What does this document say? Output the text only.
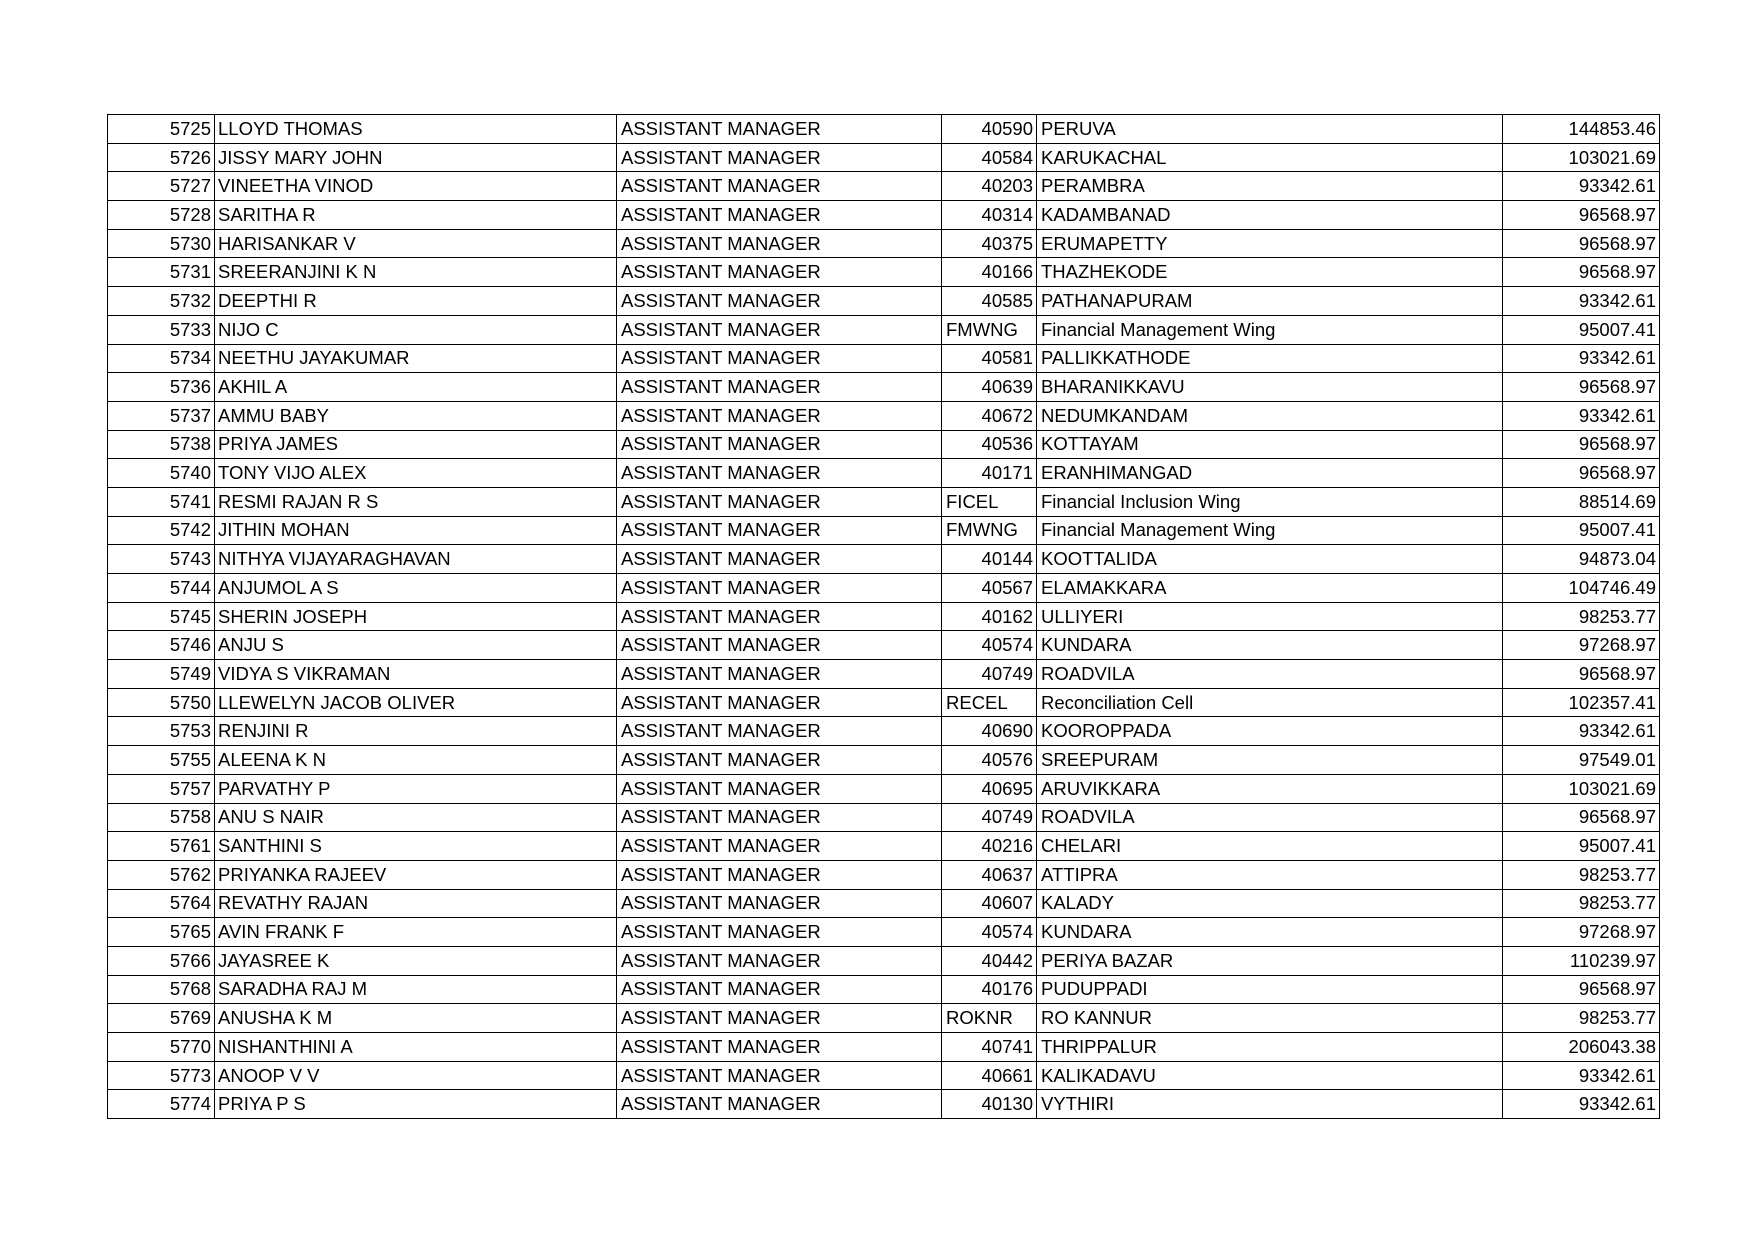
5725	LLOYD THOMAS	ASSISTANT MANAGER	40590	PERUVA	144853.46
5726	JISSY MARY JOHN	ASSISTANT MANAGER	40584	KARUKACHAL	103021.69
5727	VINEETHA VINOD	ASSISTANT MANAGER	40203	PERAMBRA	93342.61
5728	SARITHA R	ASSISTANT MANAGER	40314	KADAMBANAD	96568.97
5730	HARISANKAR V	ASSISTANT MANAGER	40375	ERUMAPETTY	96568.97
5731	SREERANJINI K N	ASSISTANT MANAGER	40166	THAZHEKODE	96568.97
5732	DEEPTHI R	ASSISTANT MANAGER	40585	PATHANAPURAM	93342.61
5733	NIJO C	ASSISTANT MANAGER	FMWNG	Financial Management Wing	95007.41
5734	NEETHU JAYAKUMAR	ASSISTANT MANAGER	40581	PALLIKKATHODE	93342.61
5736	AKHIL A	ASSISTANT MANAGER	40639	BHARANIKKAVU	96568.97
5737	AMMU BABY	ASSISTANT MANAGER	40672	NEDUMKANDAM	93342.61
5738	PRIYA JAMES	ASSISTANT MANAGER	40536	KOTTAYAM	96568.97
5740	TONY VIJO ALEX	ASSISTANT MANAGER	40171	ERANHIMANGAD	96568.97
5741	RESMI RAJAN R S	ASSISTANT MANAGER	FICEL	Financial Inclusion Wing	88514.69
5742	JITHIN MOHAN	ASSISTANT MANAGER	FMWNG	Financial Management Wing	95007.41
5743	NITHYA VIJAYARAGHAVAN	ASSISTANT MANAGER	40144	KOOTTALIDA	94873.04
5744	ANJUMOL A S	ASSISTANT MANAGER	40567	ELAMAKKARA	104746.49
5745	SHERIN JOSEPH	ASSISTANT MANAGER	40162	ULLIYERI	98253.77
5746	ANJU S	ASSISTANT MANAGER	40574	KUNDARA	97268.97
5749	VIDYA S VIKRAMAN	ASSISTANT MANAGER	40749	ROADVILA	96568.97
5750	LLEWELYN JACOB OLIVER	ASSISTANT MANAGER	RECEL	Reconciliation Cell	102357.41
5753	RENJINI R	ASSISTANT MANAGER	40690	KOOROPPADA	93342.61
5755	ALEENA K N	ASSISTANT MANAGER	40576	SREEPURAM	97549.01
5757	PARVATHY P	ASSISTANT MANAGER	40695	ARUVIKKARA	103021.69
5758	ANU S NAIR	ASSISTANT MANAGER	40749	ROADVILA	96568.97
5761	SANTHINI S	ASSISTANT MANAGER	40216	CHELARI	95007.41
5762	PRIYANKA RAJEEV	ASSISTANT MANAGER	40637	ATTIPRA	98253.77
5764	REVATHY RAJAN	ASSISTANT MANAGER	40607	KALADY	98253.77
5765	AVIN FRANK F	ASSISTANT MANAGER	40574	KUNDARA	97268.97
5766	JAYASREE K	ASSISTANT MANAGER	40442	PERIYA BAZAR	110239.97
5768	SARADHA RAJ M	ASSISTANT MANAGER	40176	PUDUPPADI	96568.97
5769	ANUSHA K M	ASSISTANT MANAGER	ROKNR	RO KANNUR	98253.77
5770	NISHANTHINI A	ASSISTANT MANAGER	40741	THRIPPALUR	206043.38
5773	ANOOP V V	ASSISTANT MANAGER	40661	KALIKADAVU	93342.61
5774	PRIYA P S	ASSISTANT MANAGER	40130	VYTHIRI	93342.61
